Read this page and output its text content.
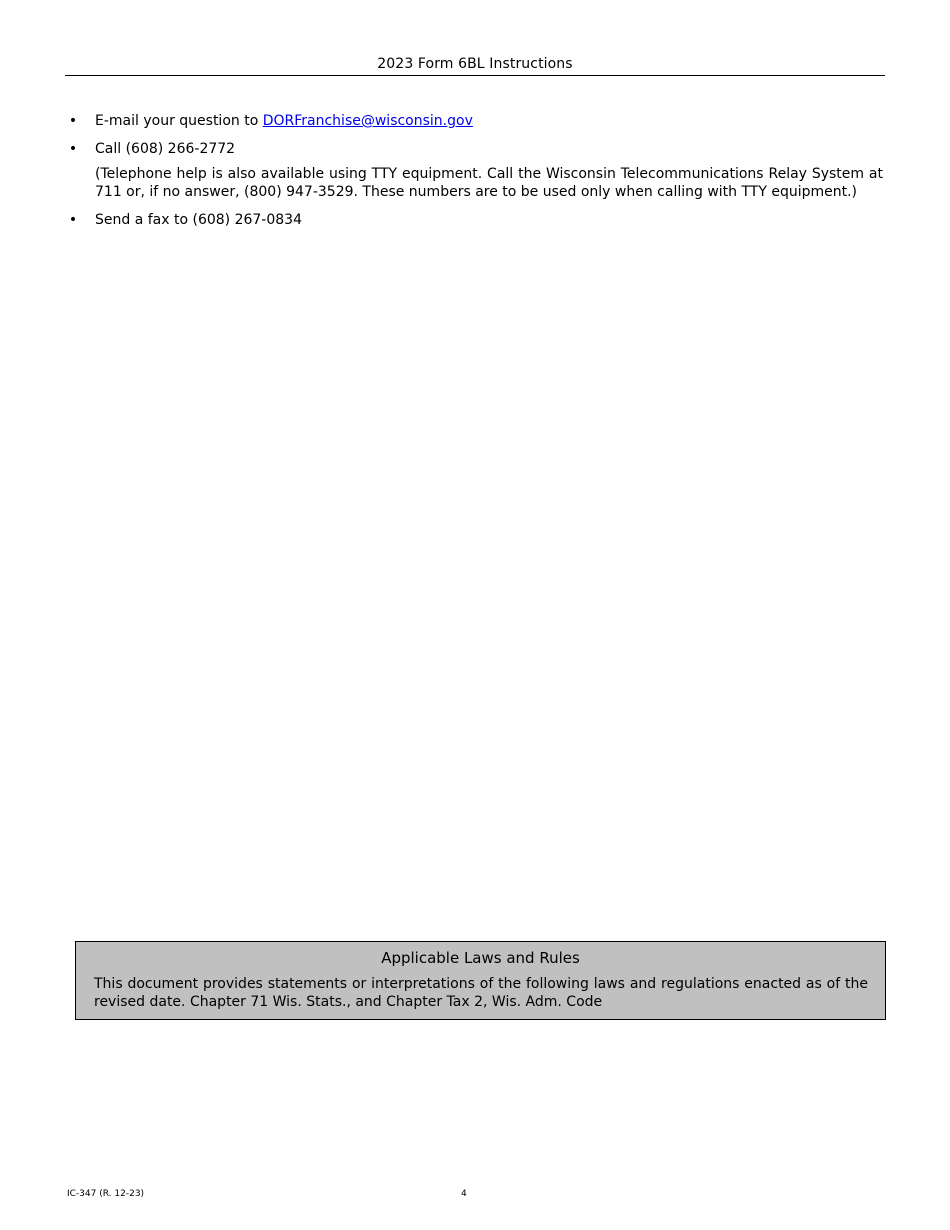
2023 Form 6BL Instructions
• E-mail your question to DORFranchise@wisconsin.gov
• Call (608) 266-2772
(Telephone help is also available using TTY equipment. Call the Wisconsin Telecommunications Relay System at 711 or, if no answer, (800) 947-3529. These numbers are to be used only when calling with TTY equipment.)
• Send a fax to (608) 267-0834
Applicable Laws and Rules
This document provides statements or interpretations of the following laws and regulations enacted as of the revised date. Chapter 71 Wis. Stats., and Chapter Tax 2, Wis. Adm. Code
IC-347 (R. 12-23)	4
